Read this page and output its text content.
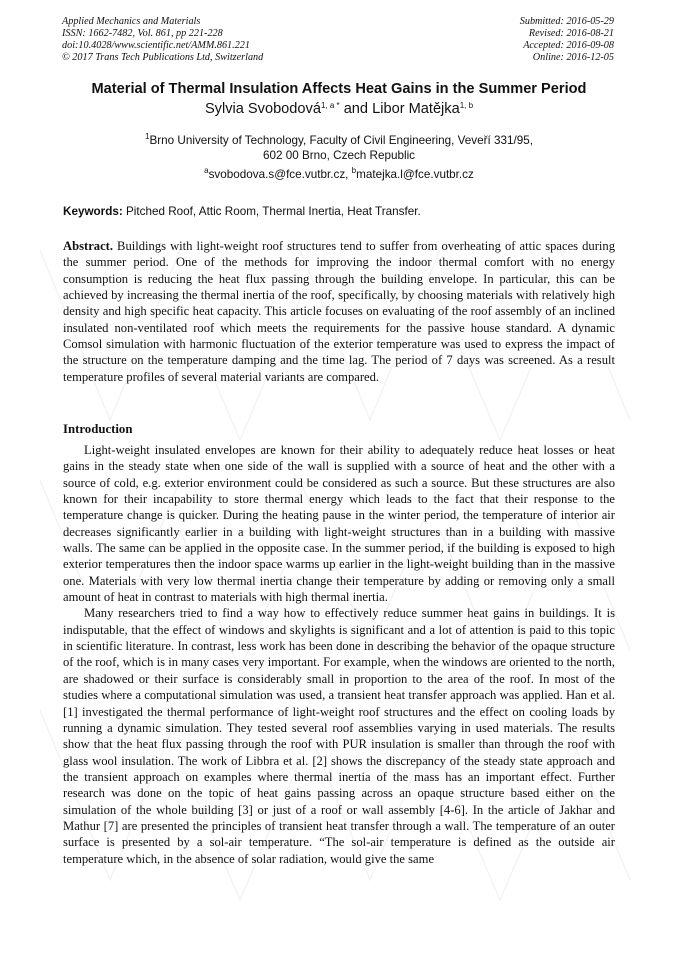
Applied Mechanics and Materials
ISSN: 1662-7482, Vol. 861, pp 221-228
doi:10.4028/www.scientific.net/AMM.861.221
© 2017 Trans Tech Publications Ltd, Switzerland
Submitted: 2016-05-29
Revised: 2016-08-21
Accepted: 2016-09-08
Online: 2016-12-05
Material of Thermal Insulation Affects Heat Gains in the Summer Period
Sylvia Svobodová$^{1, a *}$ and Libor Matějka$^{1, b}$
$^1$Brno University of Technology, Faculty of Civil Engineering, Veveří 331/95,
602 00 Brno, Czech Republic
$^a$svobodova.s@fce.vutbr.cz, $^b$matejka.l@fce.vutbr.cz
Keywords: Pitched Roof, Attic Room, Thermal Inertia, Heat Transfer.

Abstract. Buildings with light-weight roof structures tend to suffer from overheating of attic spaces during the summer period. One of the methods for improving the indoor thermal comfort with no energy consumption is reducing the heat flux passing through the building envelope. In particular, this can be achieved by increasing the thermal inertia of the roof, specifically, by choosing materials with relatively high density and high specific heat capacity. This article focuses on evaluating of the roof assembly of an inclined insulated non-ventilated roof which meets the requirements for the passive house standard. A dynamic Comsol simulation with harmonic fluctuation of the exterior temperature was used to express the impact of the structure on the temperature damping and the time lag. The period of 7 days was screened. As a result temperature profiles of several material variants are compared.

Introduction

Light-weight insulated envelopes are known for their ability to adequately reduce heat losses or heat gains in the steady state when one side of the wall is supplied with a source of heat and the other with a source of cold, e.g. exterior environment could be considered as such a source. But these structures are also known for their incapability to store thermal energy which leads to the fact that their response to the temperature change is quicker. During the heating pause in the winter period, the temperature of interior air decreases significantly earlier in a building with light-weight structures than in a building with massive walls. The same can be applied in the opposite case. In the summer period, if the building is exposed to high exterior temperatures then the indoor space warms up earlier in the light-weight building than in the massive one. Materials with very low thermal inertia change their temperature by adding or removing only a small amount of heat in contrast to materials with high thermal inertia.

Many researchers tried to find a way how to effectively reduce summer heat gains in buildings. It is indisputable, that the effect of windows and skylights is significant and a lot of attention is paid to this topic in scientific literature. In contrast, less work has been done in describing the behavior of the opaque structure of the roof, which is in many cases very important. For example, when the windows are oriented to the north, are shadowed or their surface is considerably small in proportion to the area of the roof. In most of the studies where a computational simulation was used, a transient heat transfer approach was applied. Han et al. [1] investigated the thermal performance of light-weight roof structures and the effect on cooling loads by running a dynamic simulation. They tested several roof assemblies varying in used materials. The results show that the heat flux passing through the roof with PUR insulation is smaller than through the roof with glass wool insulation. The work of Libbra et al. [2] shows the discrepancy of the steady state approach and the transient approach on examples where thermal inertia of the mass has an important effect. Further research was done on the topic of heat gains passing across an opaque structure based either on the simulation of the whole building [3] or just of a roof or wall assembly [4-6]. In the article of Jakhar and Mathur [7] are presented the principles of transient heat transfer through a wall. The temperature of an outer surface is presented by a sol-air temperature. “The sol-air temperature is defined as the outside air temperature which, in the absence of solar radiation, would give the same
